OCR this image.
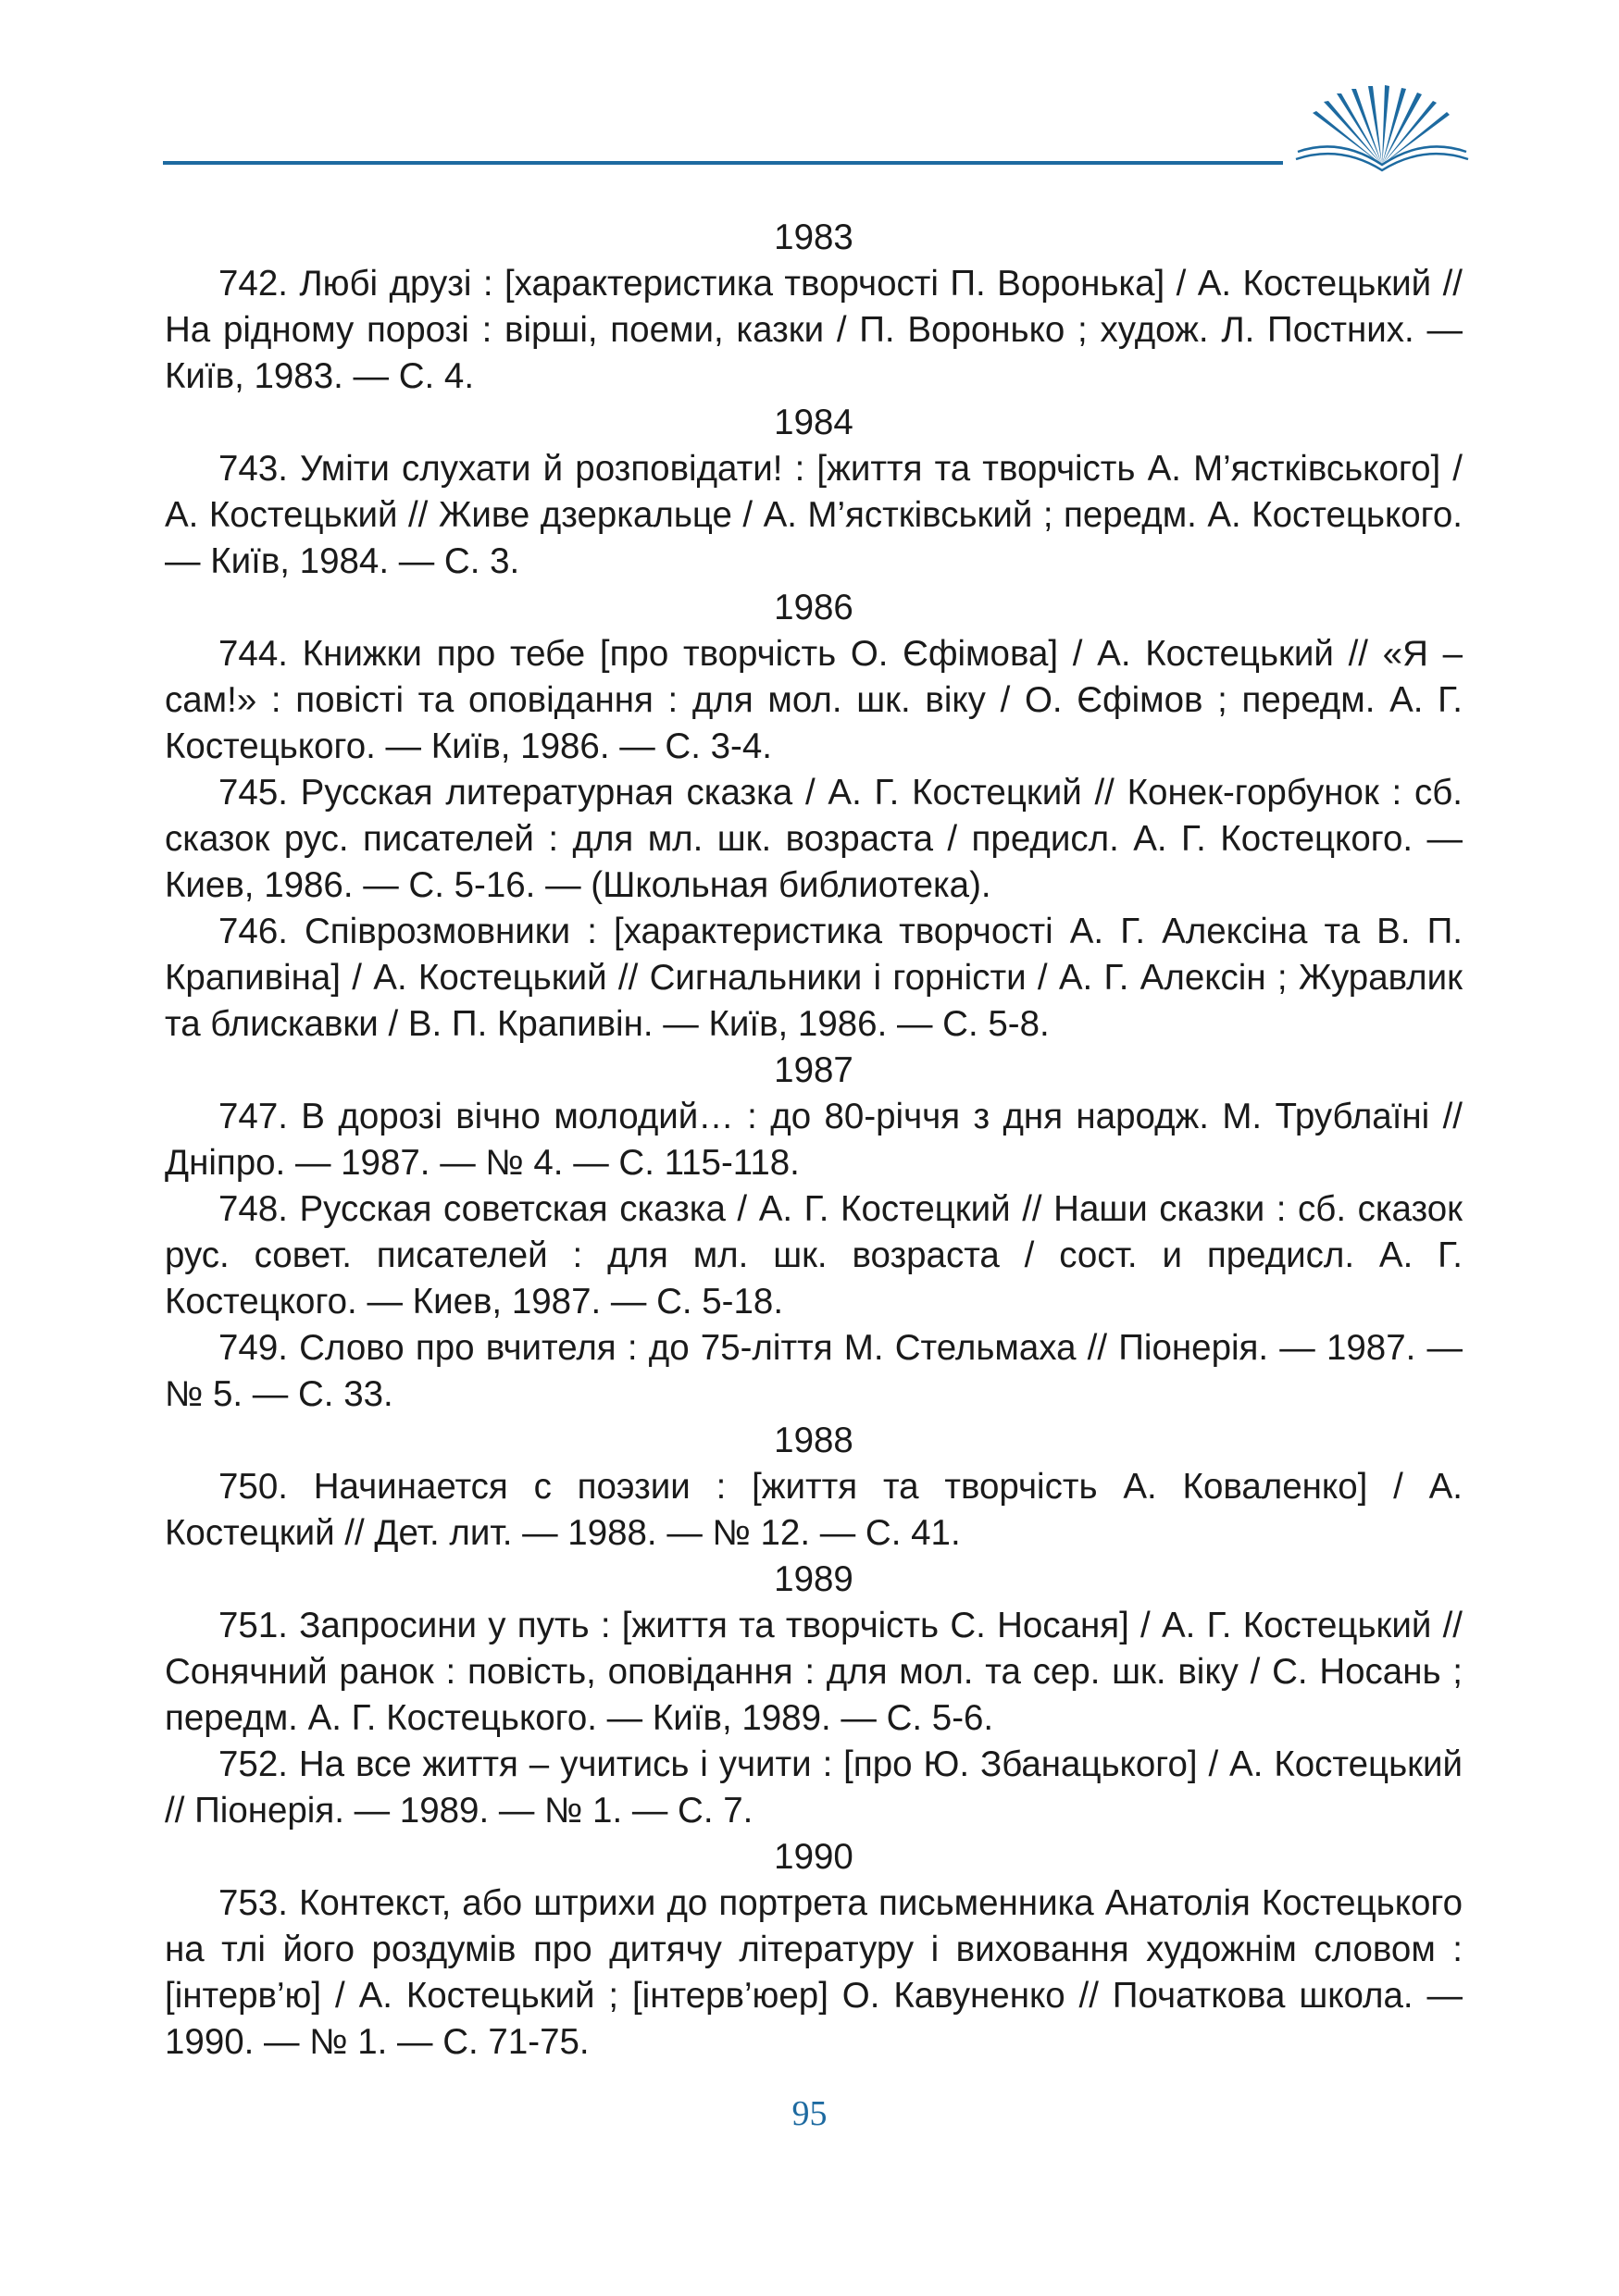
1983

742. Любі друзі : [характеристика творчості П. Воронька] / А. Костецький // На рідному порозі : вірші, поеми, казки / П. Воронько ; худож. Л. Постних. — Київ, 1983. — С. 4.

1984

743. Уміти слухати й розповідати! : [життя та творчість А. М’ястківського] / А. Костецький // Живе дзеркальце / А. М’ястківський ; передм. А. Костецького. — Київ, 1984. — С. 3.

1986

744. Книжки про тебе [про творчість О. Єфімова] / А. Костецький // «Я – сам!» : повісті та оповідання : для мол. шк. віку / О. Єфімов ; передм. А. Г. Костецького. — Київ, 1986. — С. 3-4.

745. Русская литературная сказка / А. Г. Костецкий // Конек-горбунок : сб. сказок рус. писателей : для мл. шк. возраста / предисл. А. Г. Костецкого. — Киев, 1986. — С. 5-16. — (Школьная библиотека).

746. Співрозмовники : [характеристика творчості А. Г. Алексіна та В. П. Крапивіна] / А. Костецький // Сигнальники і горністи / А. Г. Алексін ; Журавлик та блискавки / В. П. Крапивін. — Київ, 1986. — С. 5-8.

1987

747. В дорозі вічно молодий… : до 80-річчя з дня народж. М. Трублаїні // Дніпро. — 1987. — № 4. — С. 115-118.

748. Русская советская сказка / А. Г. Костецкий // Наши сказки : сб. сказок рус. совет. писателей : для мл. шк. возраста / сост. и предисл. А. Г. Костецкого. — Киев, 1987. — С. 5-18.

749. Слово про вчителя : до 75-ліття М. Стельмаха // Піонерія. — 1987. — № 5. — С. 33.

1988

750. Начинается с поэзии : [життя та творчість А. Коваленко] / А. Костецкий // Дет. лит. — 1988. — № 12. — С. 41.

1989

751. Запросини у путь : [життя та творчість С. Носаня] / А. Г. Костецький // Сонячний ранок : повість, оповідання : для мол. та сер. шк. віку / С. Носань ; передм. А. Г. Костецького. — Київ, 1989. — С. 5-6.

752. На все життя – учитись і учити : [про Ю. Збанацького] / А. Костецький // Піонерія. — 1989. — № 1. — С. 7.

1990

753. Контекст, або штрихи до портрета письменника Анатолія Костецького на тлі його роздумів про дитячу літературу і виховання художнім словом : [інтерв’ю] / А. Костецький ; [інтерв’юер] О. Кавуненко // Початкова школа. — 1990. — № 1. — С. 71-75.

95
